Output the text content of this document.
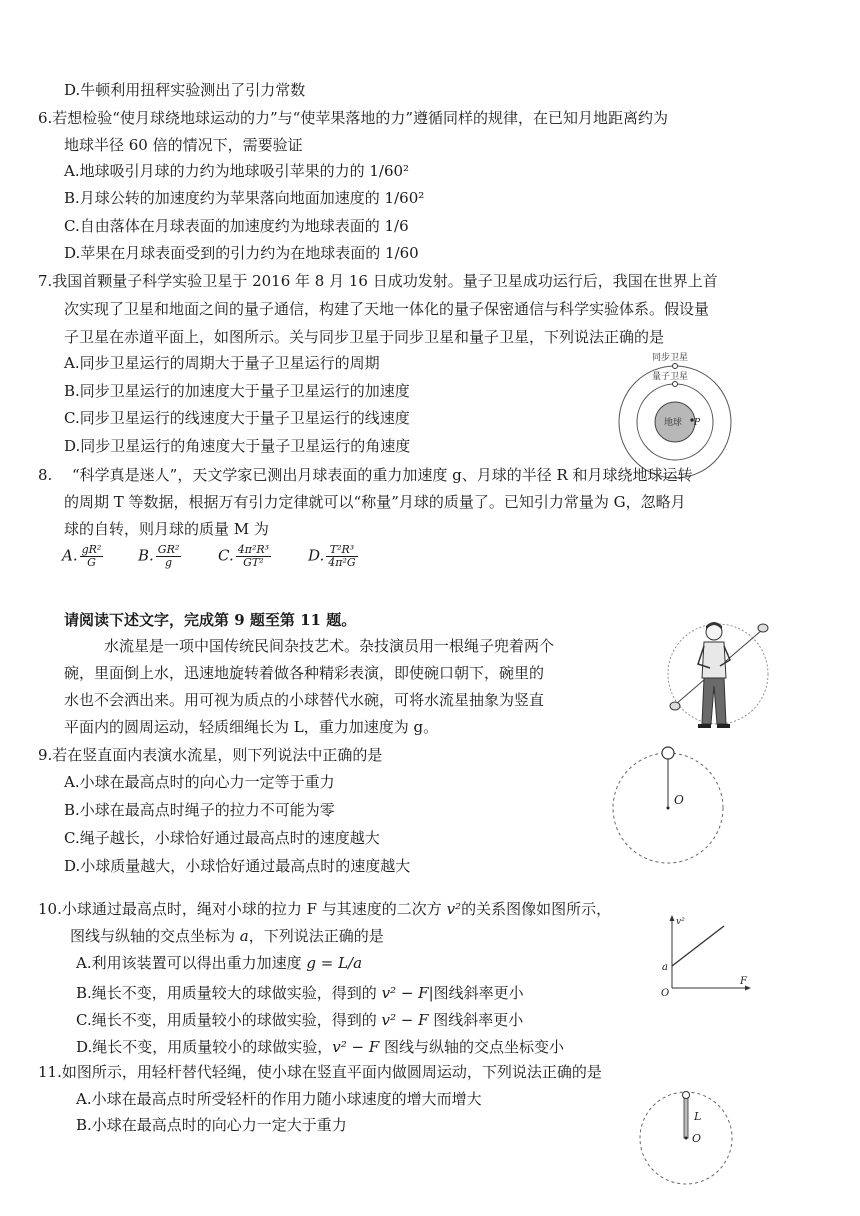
D.牛顿利用扭秤实验测出了引力常数
6.若想检验“使月球绕地球运动的力”与“使苹果落地的力”遵循同样的规律，在已知月地距离约为
地球半径 60 倍的情况下，需要验证
A.地球吸引月球的力约为地球吸引苹果的力的 1/60²
B.月球公转的加速度约为苹果落向地面加速度的 1/60²
C.自由落体在月球表面的加速度约为地球表面的 1/6
D.苹果在月球表面受到的引力约为在地球表面的 1/60
7.我国首颗量子科学实验卫星于 2016 年 8 月 16 日成功发射。量子卫星成功运行后，我国在世界上首
次实现了卫星和地面之间的量子通信，构建了天地一体化的量子保密通信与科学实验体系。假设量
子卫星在赤道平面上，如图所示。关与同步卫星于同步卫星和量子卫星，下列说法正确的是
A.同步卫星运行的周期大于量子卫星运行的周期
B.同步卫星运行的加速度大于量子卫星运行的加速度
C.同步卫星运行的线速度大于量子卫星运行的线速度
D.同步卫星运行的角速度大于量子卫星运行的角速度
同步卫星
量子卫星
地球 P
8. “科学真是迷人”，天文学家已测出月球表面的重力加速度 g、月球的半径 R 和月球绕地球运转
的周期 T 等数据，根据万有引力定律就可以“称量”月球的质量了。已知引力常量为 G，忽略月
球的自转，则月球的质量 M 为
A. $\frac{\text{gR²}}{G} B$. $\frac{\text{GR²}}{g} C$. $\frac{\text{4π²R³}}{\text{GT²}} D$. $\frac{\text{T²R³}}{\text{4π²G}}$
请阅读下述文字，完成第 9 题至第 11 题。
水流星是一项中国传统民间杂技艺术。杂技演员用一根绳子兜着两个
碗，里面倒上水，迅速地旋转着做各种精彩表演，即使碗口朝下，碗里的
水也不会洒出来。用可视为质点的小球替代水碗，可将水流星抽象为竖直
平面内的圆周运动，轻质细绳长为 L，重力加速度为 g。
9.若在竖直面内表演水流星，则下列说法中正确的是
A.小球在最高点时的向心力一定等于重力
B.小球在最高点时绳子的拉力不可能为零
C.绳子越长，小球恰好通过最高点时的速度越大
D.小球质量越大，小球恰好通过最高点时的速度越大
O
10.小球通过最高点时，绳对小球的拉力 F 与其速度的二次方 v²的关系图像如图所示，
图线与纵轴的交点坐标为 a，下列说法正确的是
A.利用该装置可以得出重力加速度 g = L/a
B.绳长不变，用质量较大的球做实验，得到的 v² − F|图线斜率更小
C.绳长不变，用质量较小的球做实验，得到的 v² − F 图线斜率更小
D.绳长不变，用质量较小的球做实验，v² − F 图线与纵轴的交点坐标变小
v²
F
O
a
11.如图所示，用轻杆替代轻绳，使小球在竖直平面内做圆周运动，下列说法正确的是
A.小球在最高点时所受轻杆的作用力随小球速度的增大而增大
B.小球在最高点时的向心力一定大于重力	L
O
